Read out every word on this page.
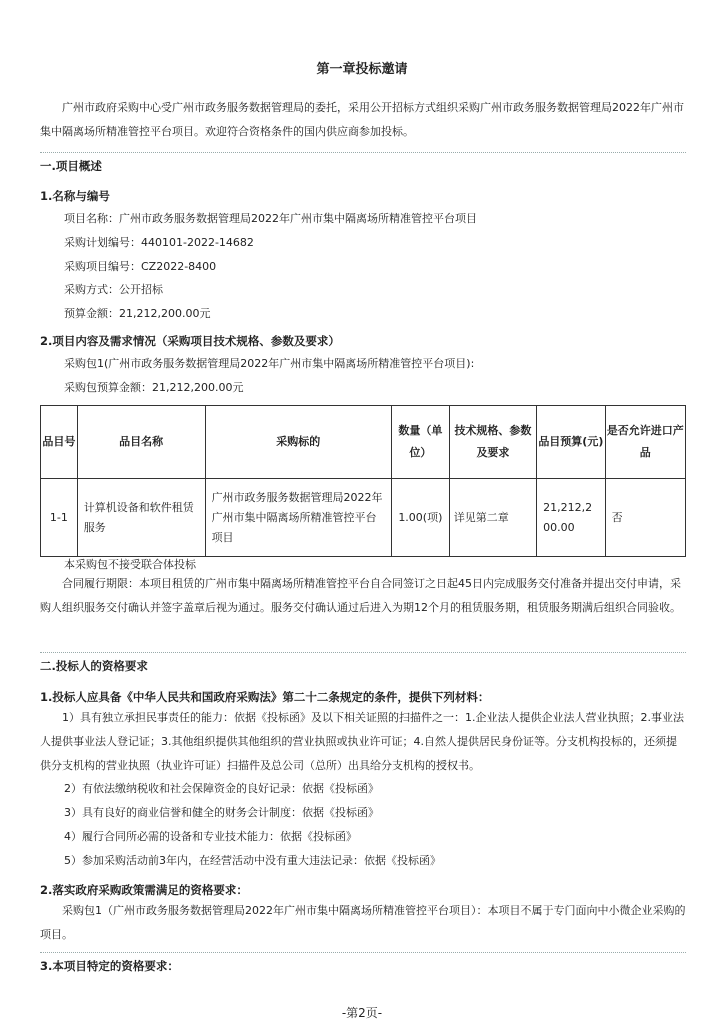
第一章投标邀请
广州市政府采购中心受广州市政务服务数据管理局的委托，采用公开招标方式组织采购广州市政务服务数据管理局2022年广州市集中隔离场所精准管控平台项目。欢迎符合资格条件的国内供应商参加投标。
一.项目概述
1.名称与编号
项目名称：广州市政务服务数据管理局2022年广州市集中隔离场所精准管控平台项目
采购计划编号：440101-2022-14682
采购项目编号：CZ2022-8400
采购方式：公开招标
预算金额：21,212,200.00元
2.项目内容及需求情况（采购项目技术规格、参数及要求）
采购包1(广州市政务服务数据管理局2022年广州市集中隔离场所精准管控平台项目):
采购包预算金额：21,212,200.00元
品目号	品目名称	采购标的	数量（单位）	技术规格、参数及要求	品目预算(元)	是否允许进口产品
1-1	计算机设备和软件租赁服务	广州市政务服务数据管理局2022年广州市集中隔离场所精准管控平台项目	1.00(项)	详见第二章	21,212,200.00	否
本采购包不接受联合体投标
合同履行期限：本项目租赁的广州市集中隔离场所精准管控平台自合同签订之日起45日内完成服务交付准备并提出交付申请，采购人组织服务交付确认并签字盖章后视为通过。服务交付确认通过后进入为期12个月的租赁服务期，租赁服务期满后组织合同验收。
二.投标人的资格要求
1.投标人应具备《中华人民共和国政府采购法》第二十二条规定的条件，提供下列材料：
1）具有独立承担民事责任的能力：依据《投标函》及以下相关证照的扫描件之一：1.企业法人提供企业法人营业执照；2.事业法人提供事业法人登记证；3.其他组织提供其他组织的营业执照或执业许可证；4.自然人提供居民身份证等。分支机构投标的，还须提供分支机构的营业执照（执业许可证）扫描件及总公司（总所）出具给分支机构的授权书。
2）有依法缴纳税收和社会保障资金的良好记录：依据《投标函》
3）具有良好的商业信誉和健全的财务会计制度：依据《投标函》
4）履行合同所必需的设备和专业技术能力：依据《投标函》
5）参加采购活动前3年内，在经营活动中没有重大违法记录：依据《投标函》
2.落实政府采购政策需满足的资格要求：
采购包1（广州市政务服务数据管理局2022年广州市集中隔离场所精准管控平台项目）：本项目不属于专门面向中小微企业采购的项目。
3.本项目特定的资格要求：
-第2页-
